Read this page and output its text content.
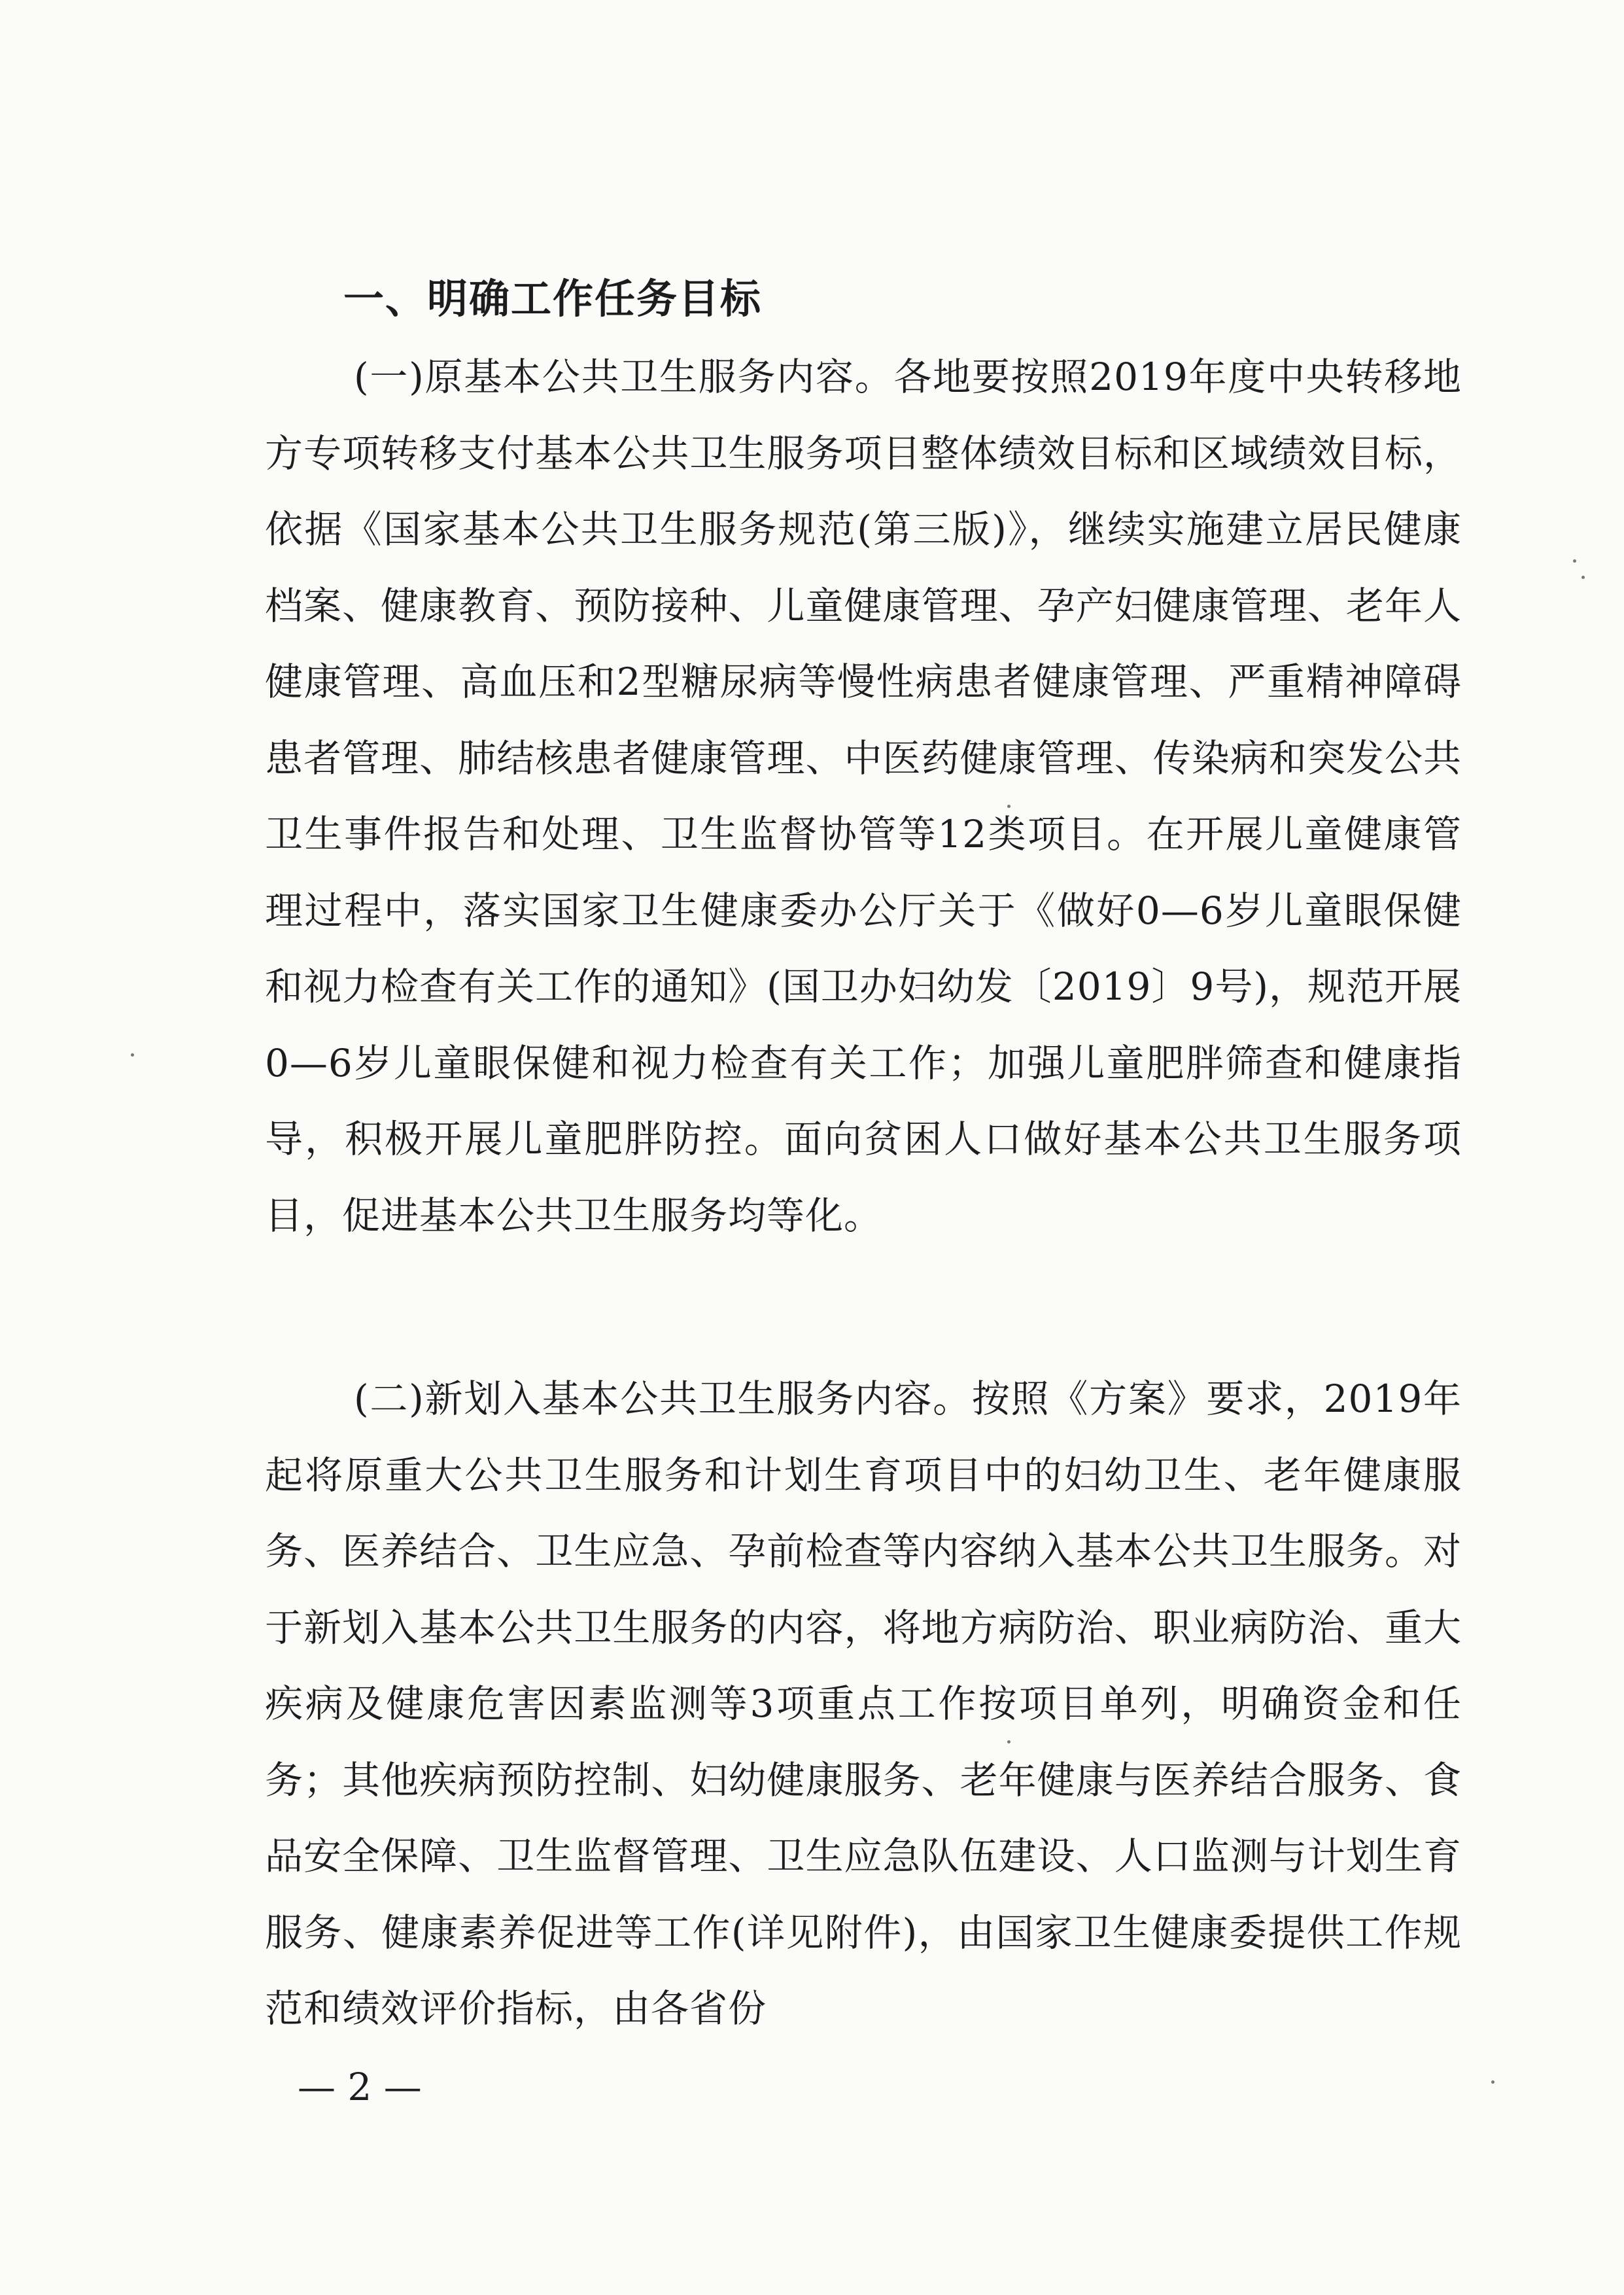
一、明确工作任务目标
(一)原基本公共卫生服务内容。各地要按照2019年度中央转移地方专项转移支付基本公共卫生服务项目整体绩效目标和区域绩效目标，依据《国家基本公共卫生服务规范(第三版)》，继续实施建立居民健康档案、健康教育、预防接种、儿童健康管理、孕产妇健康管理、老年人健康管理、高血压和2型糖尿病等慢性病患者健康管理、严重精神障碍患者管理、肺结核患者健康管理、中医药健康管理、传染病和突发公共卫生事件报告和处理、卫生监督协管等12类项目。在开展儿童健康管理过程中，落实国家卫生健康委办公厅关于《做好0—6岁儿童眼保健和视力检查有关工作的通知》(国卫办妇幼发〔2019〕9号)，规范开展0—6岁儿童眼保健和视力检查有关工作；加强儿童肥胖筛查和健康指导，积极开展儿童肥胖防控。面向贫困人口做好基本公共卫生服务项目，促进基本公共卫生服务均等化。
(二)新划入基本公共卫生服务内容。按照《方案》要求，2019年起将原重大公共卫生服务和计划生育项目中的妇幼卫生、老年健康服务、医养结合、卫生应急、孕前检查等内容纳入基本公共卫生服务。对于新划入基本公共卫生服务的内容，将地方病防治、职业病防治、重大疾病及健康危害因素监测等3项重点工作按项目单列，明确资金和任务；其他疾病预防控制、妇幼健康服务、老年健康与医养结合服务、食品安全保障、卫生监督管理、卫生应急队伍建设、人口监测与计划生育服务、健康素养促进等工作(详见附件)，由国家卫生健康委提供工作规范和绩效评价指标，由各省份
— 2 —
